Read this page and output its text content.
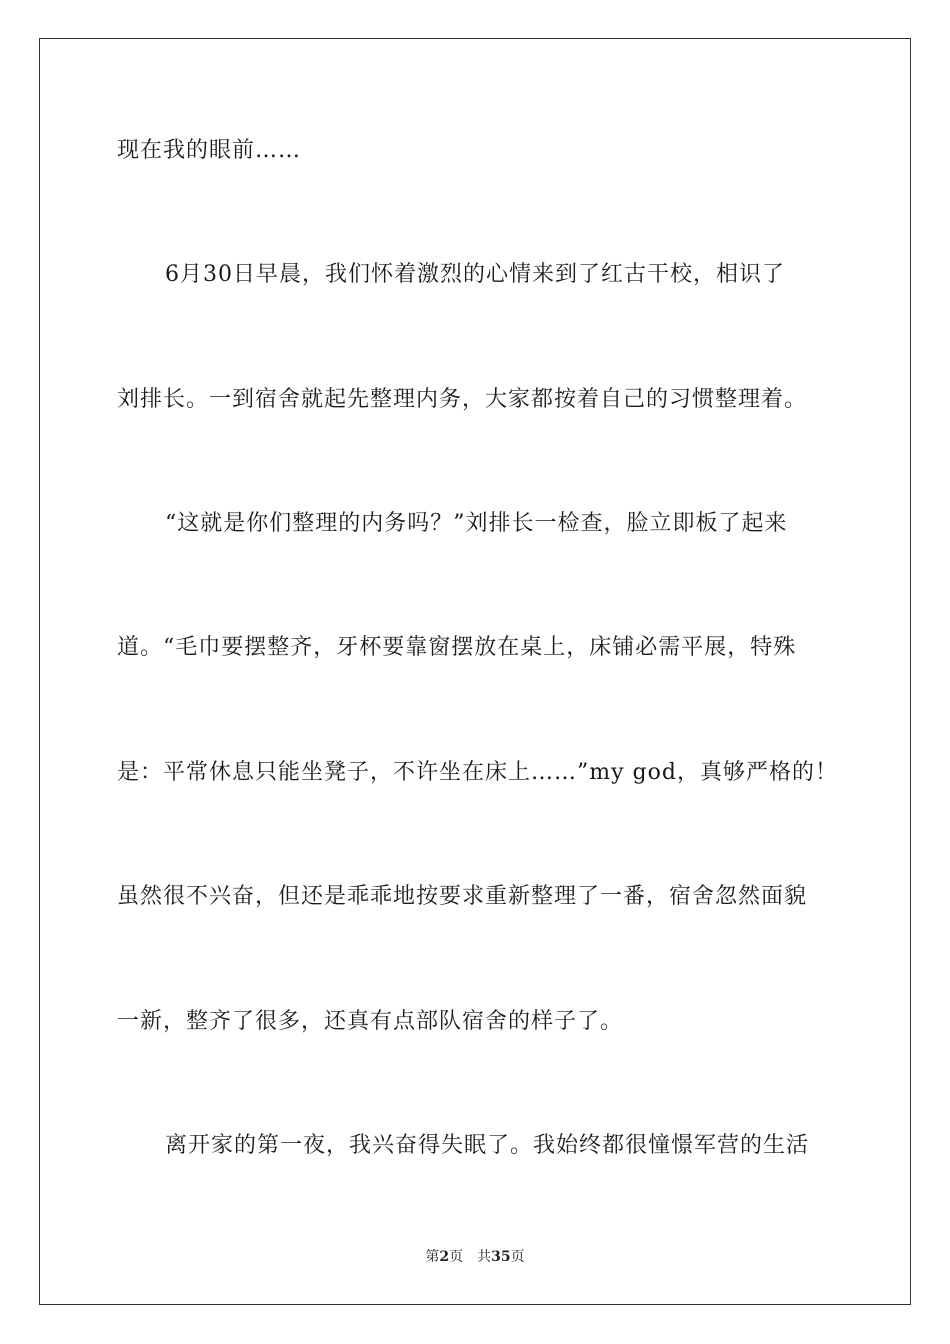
现在我的眼前……
6月30日早晨，我们怀着激烈的心情来到了红古干校，相识了
刘排长。一到宿舍就起先整理内务，大家都按着自己的习惯整理着。
“这就是你们整理的内务吗？”刘排长一检查，脸立即板了起来
道。“毛巾要摆整齐，牙杯要靠窗摆放在桌上，床铺必需平展，特殊
是：平常休息只能坐凳子，不许坐在床上……”my god，真够严格的！
虽然很不兴奋，但还是乖乖地按要求重新整理了一番，宿舍忽然面貌
一新，整齐了很多，还真有点部队宿舍的样子了。
离开家的第一夜，我兴奋得失眠了。我始终都很憧憬军营的生活
第2页 共35页
